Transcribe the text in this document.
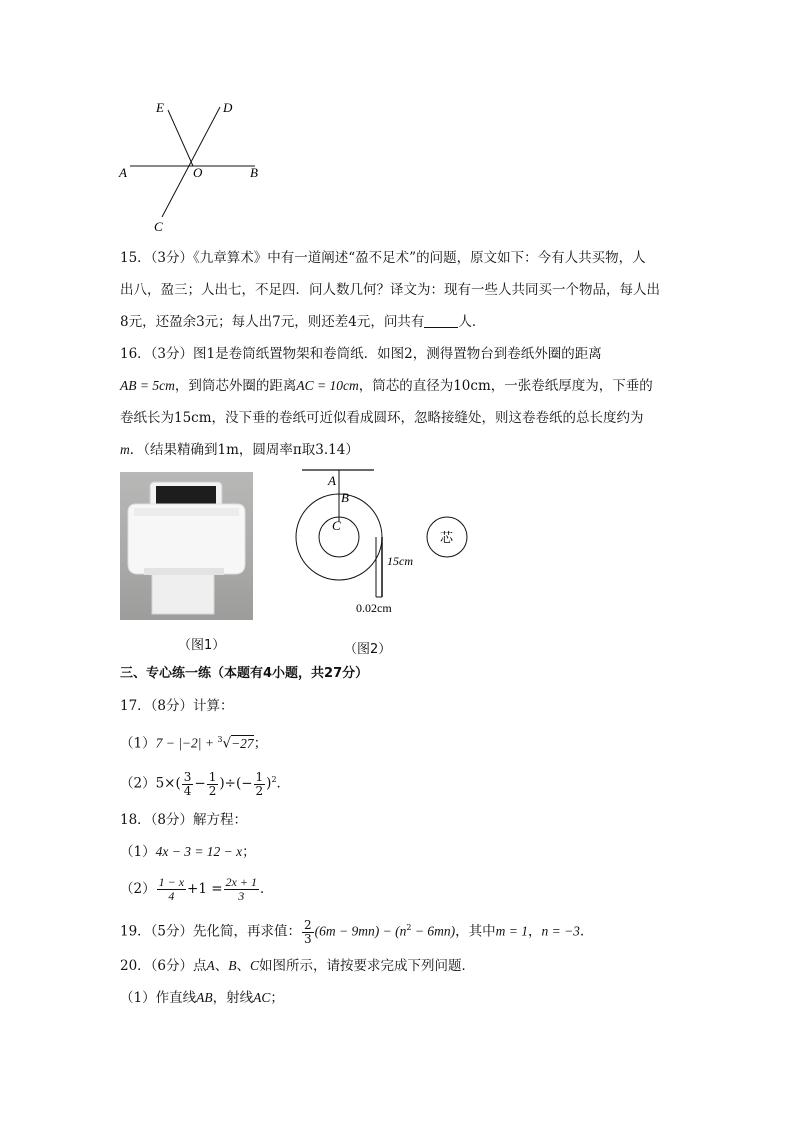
E	D
A	O	B
C
15．（3分）《九章算术》中有一道阐述“盈不足术”的问题，原文如下：今有人共买物，人
出八，盈三；人出七，不足四．问人数几何？译文为：现有一些人共同买一个物品，每人出
8元，还盈余3元；每人出7元，则还差4元，问共有	人．
16．（3分）图1是卷筒纸置物架和卷筒纸．如图2，测得置物台到卷纸外圈的距离
AB = 5cm，到筒芯外圈的距离AC = 10cm，筒芯的直径为10cm，一张卷纸厚度为，下垂的
卷纸长为15cm，没下垂的卷纸可近似看成圆环，忽略接缝处，则这卷卷纸的总长度约为
m．（结果精确到1m，圆周率π取3.14）
（图1）
A
B
C
15cm
0.02cm
芯
（图2）
三、专心练一练（本题有4小题，共27分）
17．（8分）计算：
（1）7 − |−2| + $^3$√−27；
$(2)5\times( \frac{3}{4} - \frac{1}{2}$ )÷(− $\frac{1}{2} )^2$．
18．（8分）解方程：
（1）4x − 3 = 12 − x；
$(2) \frac{1 - x}{4} +1 = \frac{2x + 1}{3}$ ．
19．（5分）先化简，再求值： $\frac{2}{3} (6m - 9mn) - (n^2 - 6mn)$，其中m = 1，n = −3．
20．（6分）点A、B、C如图所示，请按要求完成下列问题．
（1）作直线AB，射线AC；
